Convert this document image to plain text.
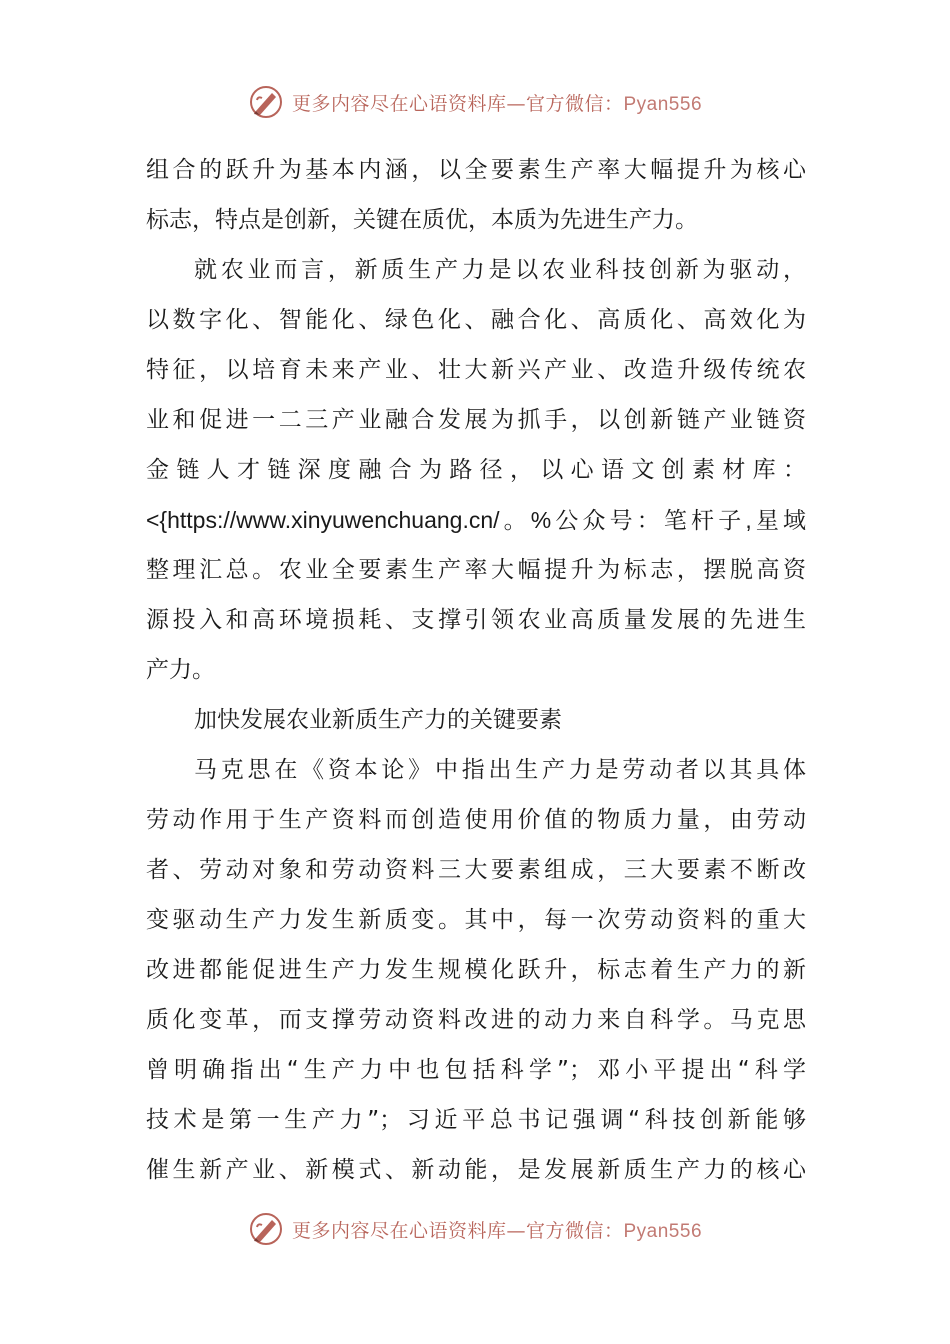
更多内容尽在心语资料库—官方微信：Pyan556
组合的跃升为基本内涵，以全要素生产率大幅提升为核心
标志，特点是创新，关键在质优，本质为先进生产力。
就农业而言，新质生产力是以农业科技创新为驱动，
以数字化、智能化、绿色化、融合化、高质化、高效化为
特征，以培育未来产业、壮大新兴产业、改造升级传统农
业和促进一二三产业融合发展为抓手，以创新链产业链资
金链人才链深度融合为路径，以心语文创素材库：
<{https://www.xinyuwenchuang.cn/。%公众号：笔杆子,星域
整理汇总。农业全要素生产率大幅提升为标志，摆脱高资
源投入和高环境损耗、支撑引领农业高质量发展的先进生
产力。
加快发展农业新质生产力的关键要素
马克思在《资本论》中指出生产力是劳动者以其具体
劳动作用于生产资料而创造使用价值的物质力量，由劳动
者、劳动对象和劳动资料三大要素组成，三大要素不断改
变驱动生产力发生新质变。其中，每一次劳动资料的重大
改进都能促进生产力发生规模化跃升，标志着生产力的新
质化变革，而支撑劳动资料改进的动力来自科学。马克思
曾明确指出“生产力中也包括科学”；邓小平提出“科学
技术是第一生产力”；习近平总书记强调“科技创新能够
催生新产业、新模式、新动能，是发展新质生产力的核心
更多内容尽在心语资料库—官方微信：Pyan556
